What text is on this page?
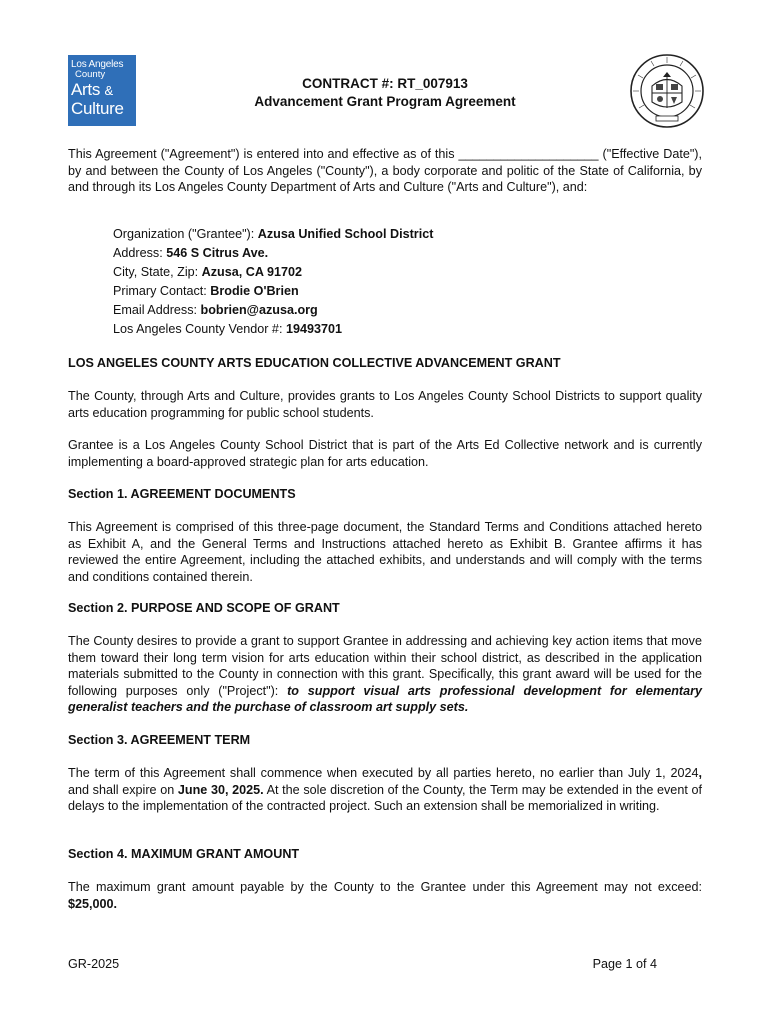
Los Angeles
County
Arts &
Culture
CONTRACT #: RT_007913
Advancement Grant Program Agreement

This Agreement ("Agreement") is entered into and effective as of this ____________________ ("Effective Date"), by and between the County of Los Angeles ("County"), a body corporate and politic of the State of California, by and through its Los Angeles County Department of Arts and Culture ("Arts and Culture"), and:

Organization ("Grantee"): Azusa Unified School District
Address: 546 S Citrus Ave.
City, State, Zip: Azusa, CA 91702
Primary Contact: Brodie O'Brien
Email Address: bobrien@azusa.org
Los Angeles County Vendor #: 19493701
LOS ANGELES COUNTY ARTS EDUCATION COLLECTIVE ADVANCEMENT GRANT

The County, through Arts and Culture, provides grants to Los Angeles County School Districts to support quality arts education programming for public school students.

Grantee is a Los Angeles County School District that is part of the Arts Ed Collective network and is currently implementing a board-approved strategic plan for arts education.

Section 1. AGREEMENT DOCUMENTS

This Agreement is comprised of this three-page document, the Standard Terms and Conditions attached hereto as Exhibit A, and the General Terms and Instructions attached hereto as Exhibit B. Grantee affirms it has reviewed the entire Agreement, including the attached exhibits, and understands and will comply with the terms and conditions contained therein.

Section 2. PURPOSE AND SCOPE OF GRANT

The County desires to provide a grant to support Grantee in addressing and achieving key action items that move them toward their long term vision for arts education within their school district, as described in the application materials submitted to the County in connection with this grant. Specifically, this grant award will be used for the following purposes only ("Project"): to support visual arts professional development for elementary generalist teachers and the purchase of classroom art supply sets.

Section 3. AGREEMENT TERM

The term of this Agreement shall commence when executed by all parties hereto, no earlier than July 1, 2024, and shall expire on June 30, 2025. At the sole discretion of the County, the Term may be extended in the event of delays to the implementation of the contracted project. Such an extension shall be memorialized in writing.

Section 4. MAXIMUM GRANT AMOUNT

The maximum grant amount payable by the County to the Grantee under this Agreement may not exceed: $25,000.

GR-2025	Page 1 of 4
